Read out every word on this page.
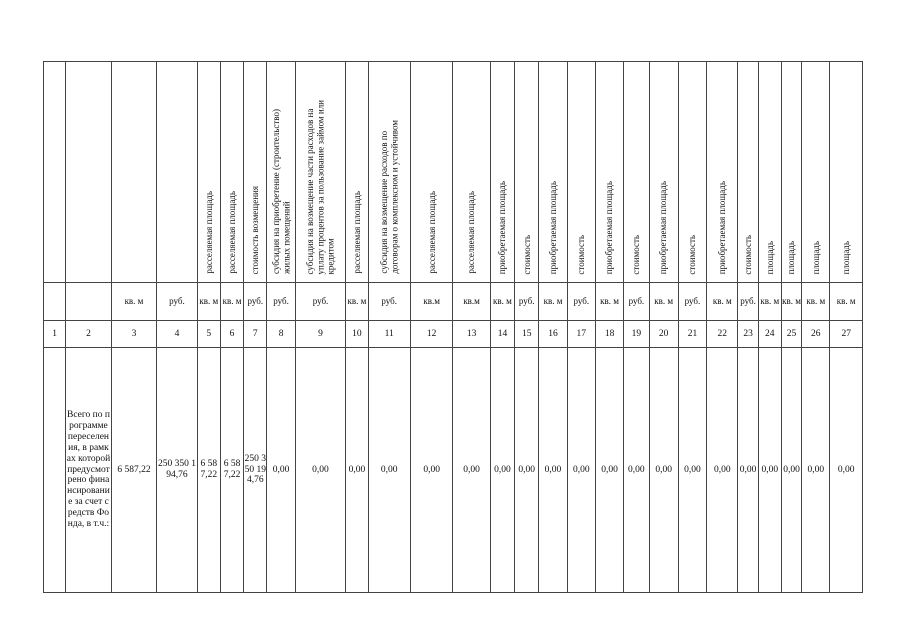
				расселяемая площадь	расселяемая площадь	стоимость возмещения	субсидия на приобретение (строительство)
жилых помещений	субсидия на возмещение части расходов на
уплату процентов за пользование займом или
кредитом	расселяемая площадь	субсидия на возмещение расходов по
договорам о комплексном и устойчивом	расселяемая площадь	расселяемая площадь	приобретаемая площадь	стоимость	приобретаемая площадь	стоимость	приобретаемая площадь	стоимость	приобретаемая площадь	стоимость	приобретаемая площадь	стоимость	площадь	площадь	площадь	площадь
		кв. м	руб.	кв. м	кв. м	руб.	руб.	руб.	кв. м	руб.	кв.м	кв.м	кв. м	руб.	кв. м	руб.	кв. м	руб.	кв. м	руб.	кв. м	руб.	кв. м	кв. м	кв. м	кв. м
1	2	3	4	5	6	7	8	9	10	11	12	13	14	15	16	17	18	19	20	21	22	23	24	25	26	27
	Всего по программе переселения, в рамках которой предусмотрено финансирование за счет средств Фонда, в т.ч.:	6 587,22	250 350 194,76	6 587,22	6 587,22	250 350 194,76	0,00	0,00	0,00	0,00	0,00	0,00	0,00	0,00	0,00	0,00	0,00	0,00	0,00	0,00	0,00	0,00	0,00	0,00	0,00	0,00
